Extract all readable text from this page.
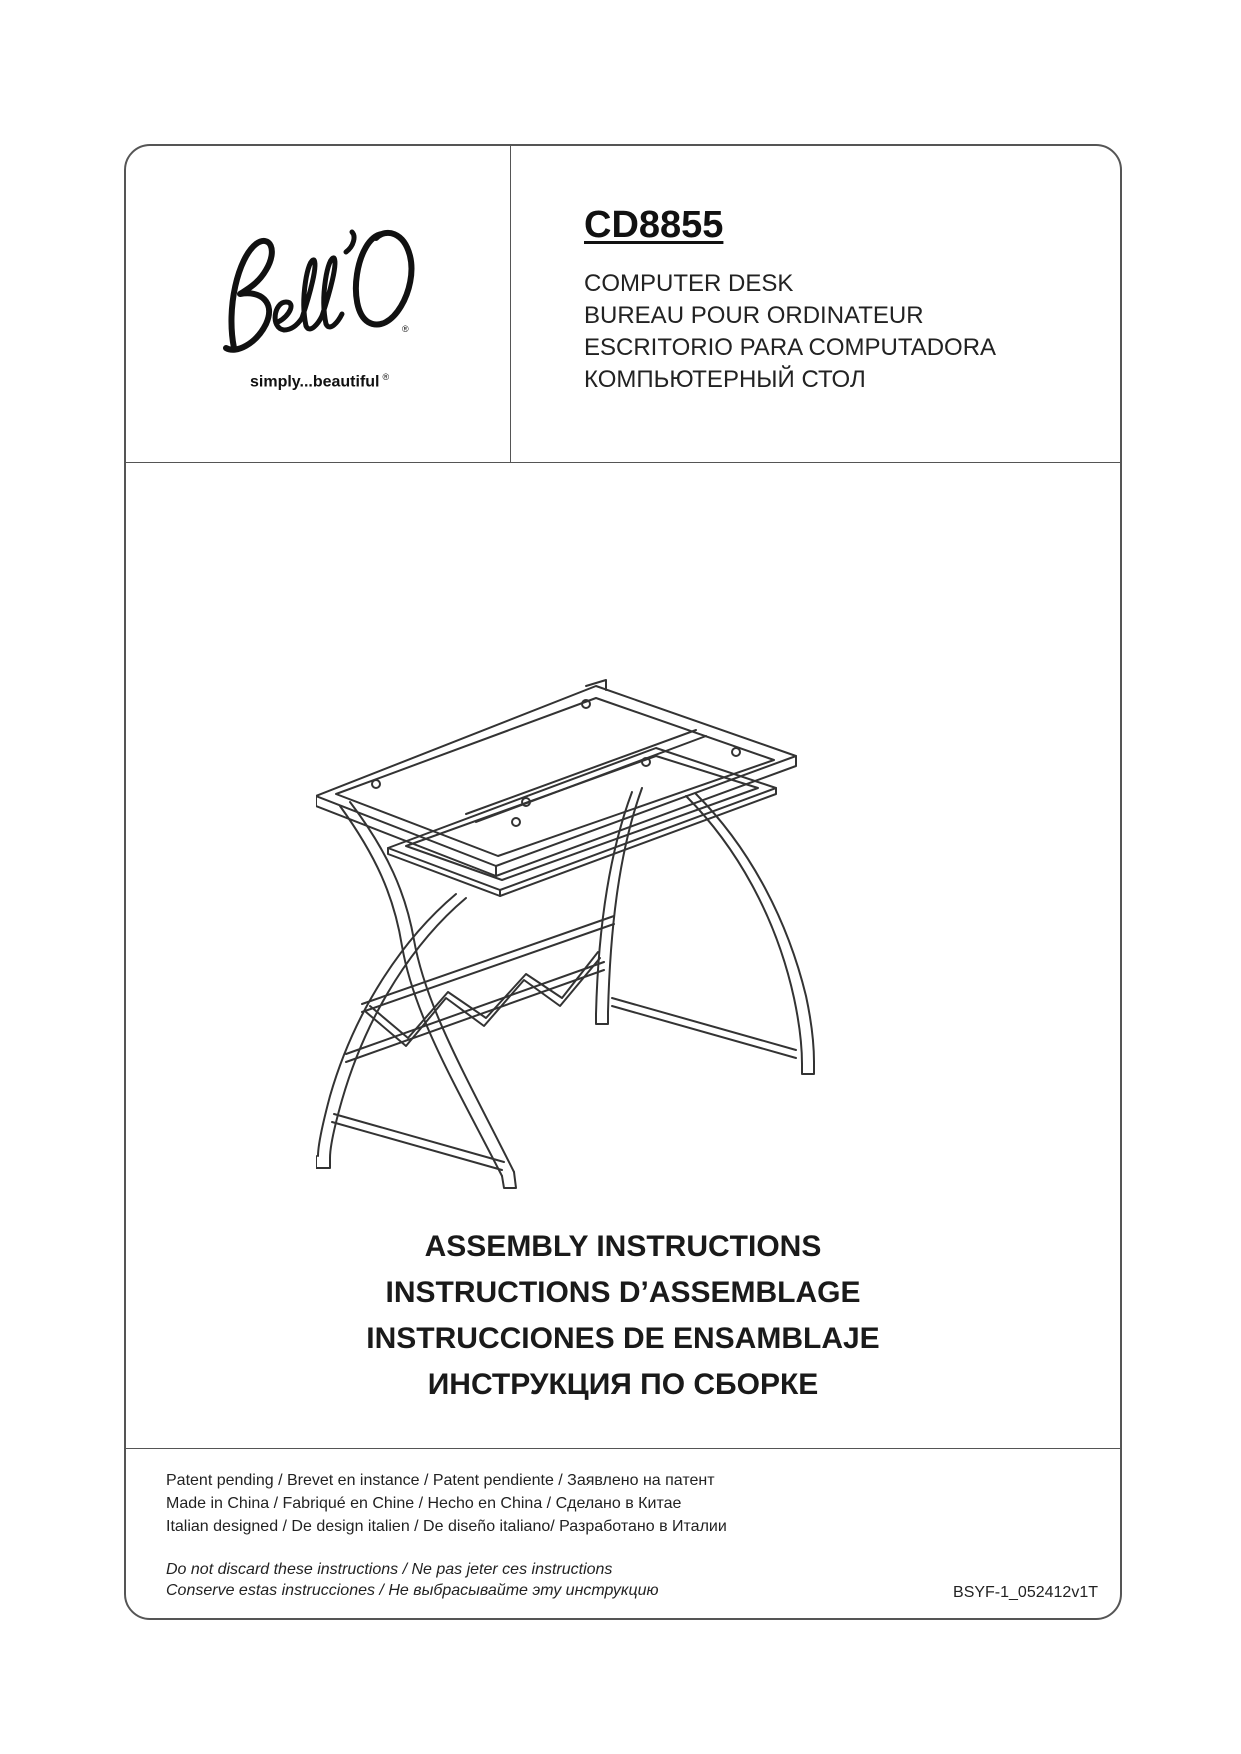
®
simply...beautiful ®
CD8855
COMPUTER DESK
BUREAU POUR ORDINATEUR
ESCRITORIO PARA COMPUTADORA
КОМПЬЮТЕРНЫЙ СТОЛ
ASSEMBLY INSTRUCTIONS
INSTRUCTIONS D’ASSEMBLAGE
INSTRUCCIONES DE ENSAMBLAJE
ИНСТРУКЦИЯ ПО СБОРКЕ
Patent pending / Brevet en instance / Patent pendiente / Заявлено на патент
Made in China / Fabriqué en Chine / Hecho en China / Сделано в Китае
Italian designed / De design italien / De diseño italiano/ Разработано в Италии
Do not discard these instructions / Ne pas jeter ces instructions
Conserve estas instrucciones / Не выбрасывайте эту инструкцию	BSYF-1_052412v1T
